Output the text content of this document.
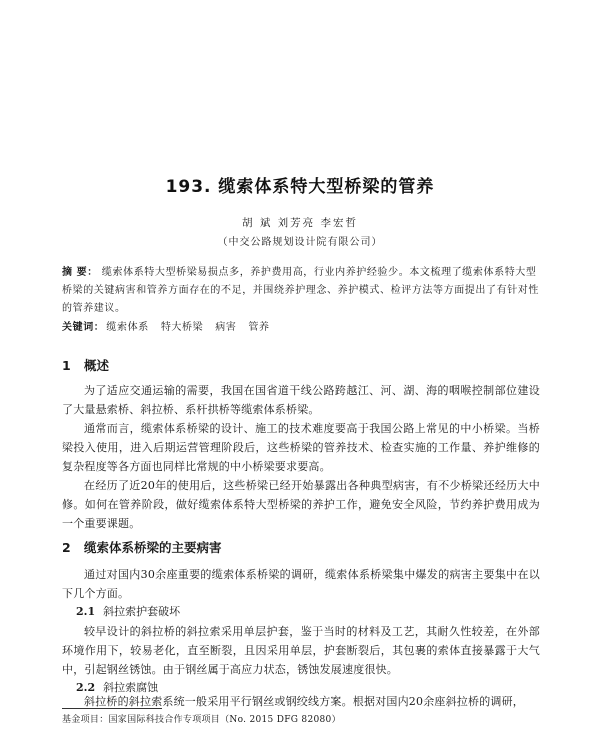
193. 缆索体系特大型桥梁的管养
胡 斌 刘芳亮 李宏哲
（中交公路规划设计院有限公司）
摘 要： 缆索体系特大型桥梁易损点多，养护费用高，行业内养护经验少。本文梳理了缆索体系特大型桥梁的关键病害和管养方面存在的不足，并围绕养护理念、养护模式、检评方法等方面提出了有针对性的管养建议。
关键词： 缆索体系 特大桥梁 病害 管养
1 概述
为了适应交通运输的需要，我国在国省道干线公路跨越江、河、湖、海的咽喉控制部位建设了大量悬索桥、斜拉桥、系杆拱桥等缆索体系桥梁。
通常而言，缆索体系桥梁的设计、施工的技术难度要高于我国公路上常见的中小桥梁。当桥梁投入使用，进入后期运营管理阶段后，这些桥梁的管养技术、检查实施的工作量、养护维修的复杂程度等各方面也同样比常规的中小桥梁要求要高。
在经历了近20年的使用后，这些桥梁已经开始暴露出各种典型病害，有不少桥梁还经历大中修。如何在管养阶段，做好缆索体系特大型桥梁的养护工作，避免安全风险，节约养护费用成为一个重要课题。
2 缆索体系桥梁的主要病害
通过对国内30余座重要的缆索体系桥梁的调研，缆索体系桥梁集中爆发的病害主要集中在以下几个方面。
2.1 斜拉索护套破坏
较早设计的斜拉桥的斜拉索采用单层护套，鉴于当时的材料及工艺，其耐久性较差，在外部环境作用下，较易老化，直至断裂，且因采用单层，护套断裂后，其包裹的索体直接暴露于大气中，引起钢丝锈蚀。由于钢丝属于高应力状态，锈蚀发展速度很快。
2.2 斜拉索腐蚀
基金项目：国家国际科技合作专项项目（No. 2015 DFG 82080）
斜拉桥的斜拉索系统一般采用平行钢丝或钢绞线方案。根据对国内20余座斜拉桥的调研，
